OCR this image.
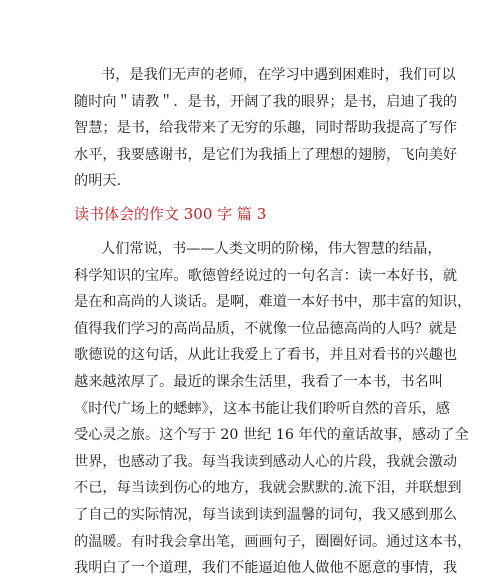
书，是我们无声的老师，在学习中遇到困难时，我们可以
随时向＂请教＂．是书，开阔了我的眼界；是书，启迪了我的
智慧；是书，给我带来了无穷的乐趣，同时帮助我提高了写作
水平，我要感谢书，是它们为我插上了理想的翅膀，飞向美好
的明天．
读书体会的作文 300 字 篇 3
人们常说，书——人类文明的阶梯，伟大智慧的结晶，
科学知识的宝库。歌德曾经说过的一句名言：读一本好书，就
是在和高尚的人谈话。是啊，难道一本好书中，那丰富的知识，
值得我们学习的高尚品质，不就像一位品德高尚的人吗？就是
歌德说的这句话，从此让我爱上了看书，并且对看书的兴趣也
越来越浓厚了。最近的课余生活里，我看了一本书，书名叫
《时代广场上的蟋蟀》，这本书能让我们聆听自然的音乐，感
受心灵之旅。这个写于 20 世纪 16 年代的童话故事，感动了全
世界，也感动了我。每当我读到感动人心的片段，我就会激动
不已，每当读到伤心的地方，我就会默默的.流下泪，并联想到
了自己的实际情况，每当读到读到温馨的词句，我又感到那么
的温暖。有时我会拿出笔，画画句子，圈圈好词。通过这本书，
我明白了一个道理，我们不能逼迫他人做他不愿意的事情，我
